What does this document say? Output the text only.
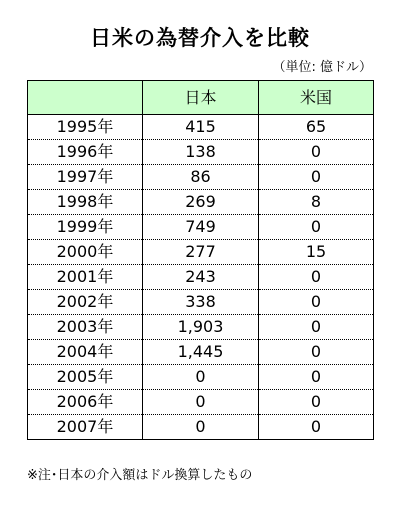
日米の為替介入を比較
（単位: 億ドル）
	日本	米国
1995年	415	65
1996年	138	0
1997年	86	0
1998年	269	8
1999年	749	0
2000年	277	15
2001年	243	0
2002年	338	0
2003年	1,903	0
2004年	1,445	0
2005年	0	0
2006年	0	0
2007年	0	0
※注･日本の介入額はドル換算したもの
